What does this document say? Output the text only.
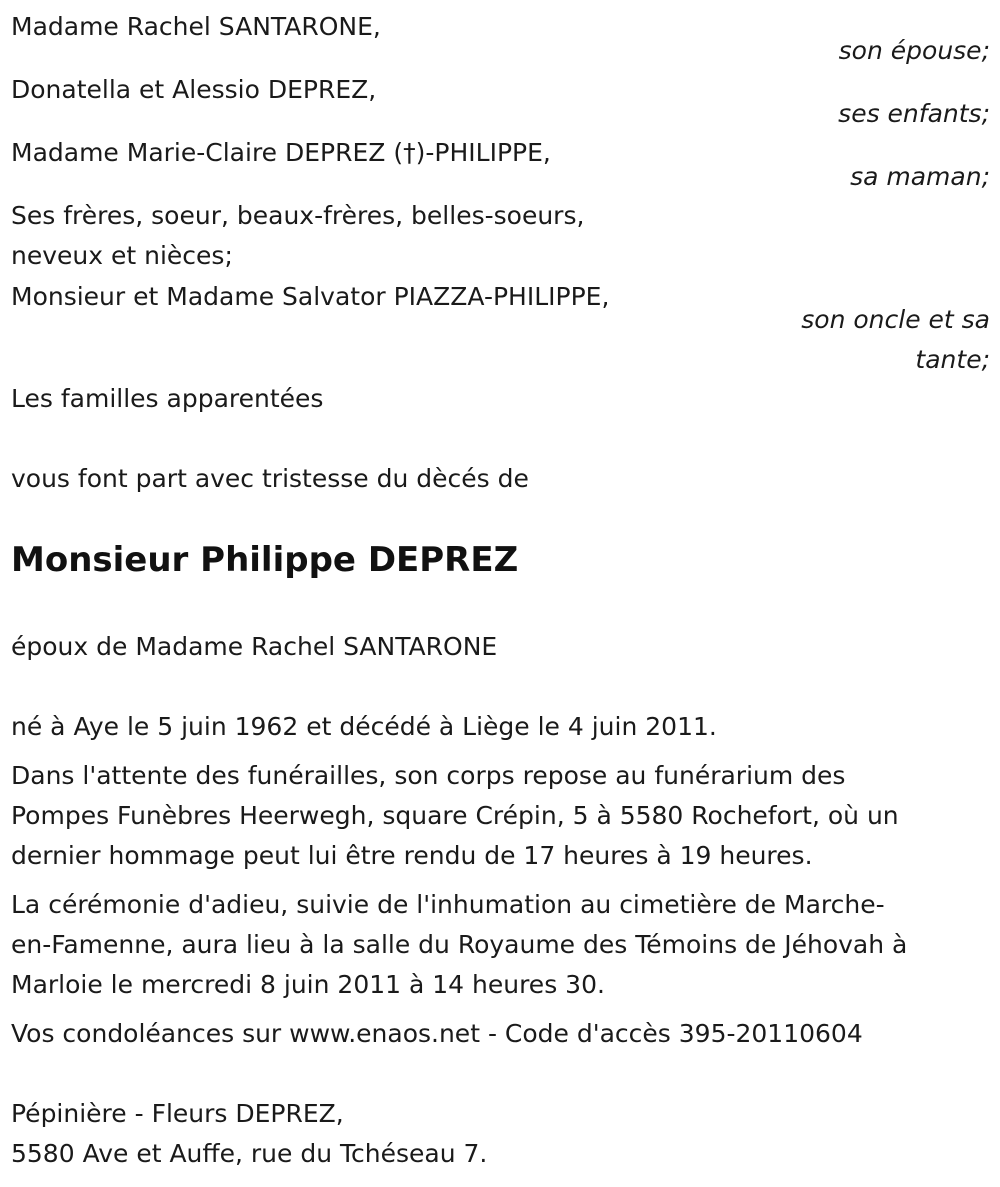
Madame Rachel SANTARONE,
son épouse;
Donatella et Alessio DEPREZ,
ses enfants;
Madame Marie-Claire DEPREZ (†)-PHILIPPE,
sa maman;
Ses frères, soeur, beaux-frères, belles-soeurs,
neveux et nièces;
Monsieur et Madame Salvator PIAZZA-PHILIPPE,
son oncle et sa
tante;
Les familles apparentées
vous font part avec tristesse du dècés de
Monsieur Philippe DEPREZ
époux de Madame Rachel SANTARONE
né à Aye le 5 juin 1962 et décédé à Liège le 4 juin 2011.
Dans l'attente des funérailles, son corps repose au funérarium des
Pompes Funèbres Heerwegh, square Crépin, 5 à 5580 Rochefort, où un
dernier hommage peut lui être rendu de 17 heures à 19 heures.
La cérémonie d'adieu, suivie de l'inhumation au cimetière de Marche-
en-Famenne, aura lieu à la salle du Royaume des Témoins de Jéhovah à
Marloie le mercredi 8 juin 2011 à 14 heures 30.
Vos condoléances sur www.enaos.net - Code d'accès 395-20110604
Pépinière - Fleurs DEPREZ,
5580 Ave et Auffe, rue du Tchéseau 7.
